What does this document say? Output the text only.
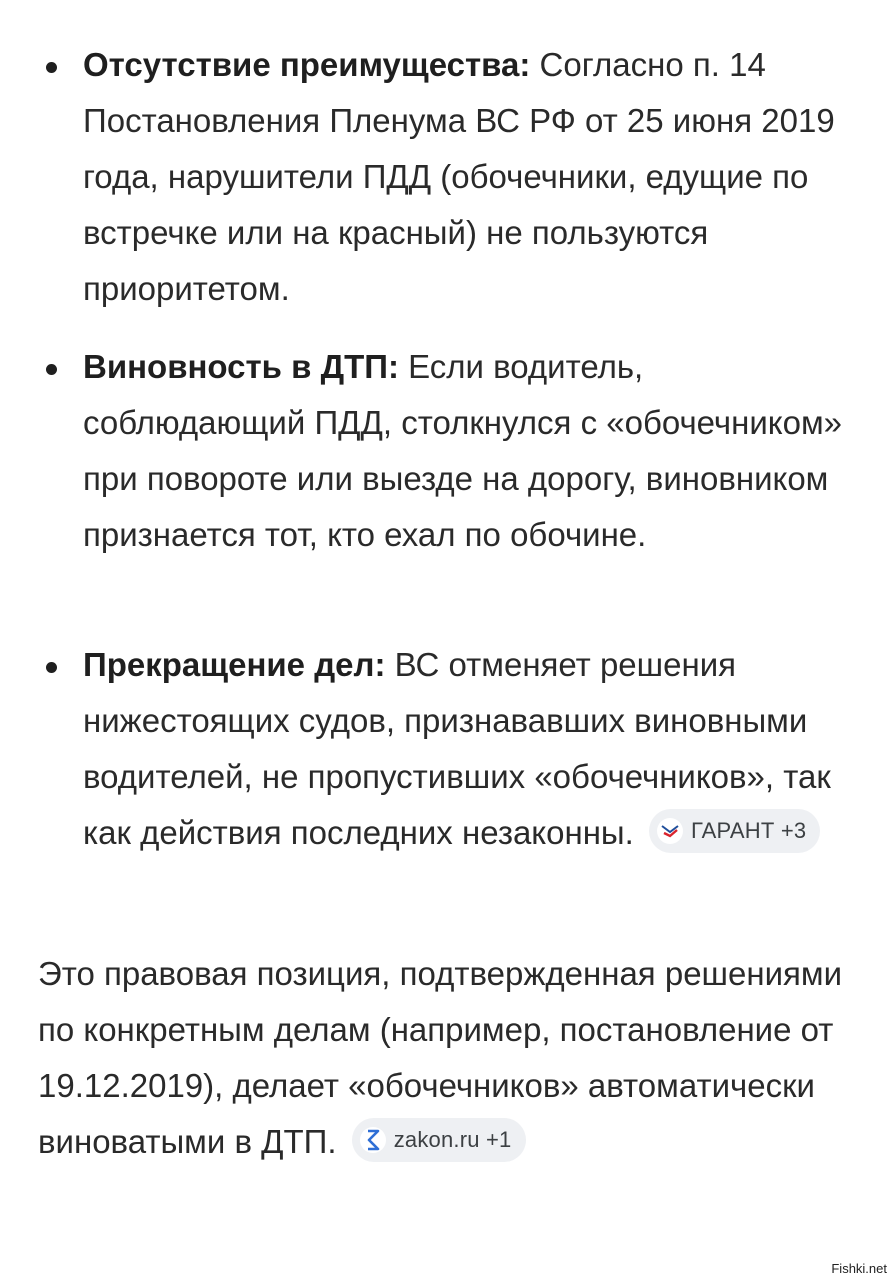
Отсутствие преимущества: Согласно п. 14 Постановления Пленума ВС РФ от 25 июня 2019 года, нарушители ПДД (обочечники, едущие по встречке или на красный) не пользуются приоритетом.
Виновность в ДТП: Если водитель, соблюдающий ПДД, столкнулся с «обочечником» при повороте или выезде на дорогу, виновником признается тот, кто ехал по обочине.
Прекращение дел: ВС отменяет решения нижестоящих судов, признававших виновными водителей, не пропустивших «обочечников», так как действия последних незаконны.	ГАРАНТ +3
Это правовая позиция, подтвержденная решениями по конкретным делам (например, постановление от 19.12.2019), делает «обочечников» автоматически виноватыми в ДТП.	zakon.ru +1
Fishki.net
